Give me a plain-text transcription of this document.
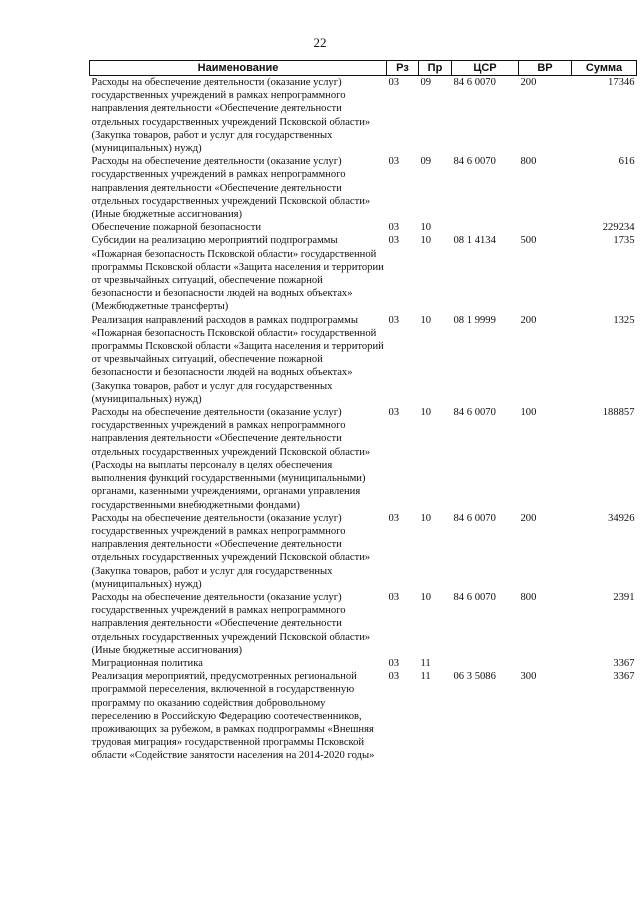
22
Наименование	Рз	Пр	ЦСР	ВР	Сумма
Расходы на обеспечение деятельности (оказание услуг) государственных учреждений в рамках непрограммного направления деятельности «Обеспечение деятельности отдельных государственных учреждений Псковской области» (Закупка товаров, работ и услуг для государственных (муниципальных) нужд)	03	09	84 6 0070	200	17346
Расходы на обеспечение деятельности (оказание услуг) государственных учреждений в рамках непрограммного направления деятельности «Обеспечение деятельности отдельных государственных учреждений Псковской области» (Иные бюджетные ассигнования)	03	09	84 6 0070	800	616
Обеспечение пожарной безопасности	03	10			229234
Субсидии на реализацию мероприятий подпрограммы «Пожарная безопасность Псковской области» государственной программы Псковской области «Защита населения и территории от чрезвычайных ситуаций, обеспечение пожарной безопасности и безопасности людей на водных объектах» (Межбюджетные трансферты)	03	10	08 1 4134	500	1735
Реализация направлений расходов в рамках подпрограммы «Пожарная безопасность Псковской области» государственной программы Псковской области «Защита населения и территорий от чрезвычайных ситуаций, обеспечение пожарной безопасности и безопасности людей на водных объектах» (Закупка товаров, работ и услуг для государственных (муниципальных) нужд)	03	10	08 1 9999	200	1325
Расходы на обеспечение деятельности (оказание услуг) государственных учреждений в рамках непрограммного направления деятельности «Обеспечение деятельности отдельных государственных учреждений Псковской области» (Расходы на выплаты персоналу в целях обеспечения выполнения функций государственными (муниципальными) органами, казенными учреждениями, органами управления государственными внебюджетными фондами)	03	10	84 6 0070	100	188857
Расходы на обеспечение деятельности (оказание услуг) государственных учреждений в рамках непрограммного направления деятельности «Обеспечение деятельности отдельных государственных учреждений Псковской области» (Закупка товаров, работ и услуг для государственных (муниципальных) нужд)	03	10	84 6 0070	200	34926
Расходы на обеспечение деятельности (оказание услуг) государственных учреждений в рамках непрограммного направления деятельности «Обеспечение деятельности отдельных государственных учреждений Псковской области» (Иные бюджетные ассигнования)	03	10	84 6 0070	800	2391
Миграционная политика	03	11			3367
Реализация мероприятий, предусмотренных региональной программой переселения, включенной в государственную программу по оказанию содействия добровольному переселению в Российскую Федерацию соотечественников, проживающих за рубежом, в рамках подпрограммы «Внешняя трудовая миграция» государственной программы Псковской области «Содействие занятости населения на 2014-2020 годы»	03	11	06 3 5086	300	3367
